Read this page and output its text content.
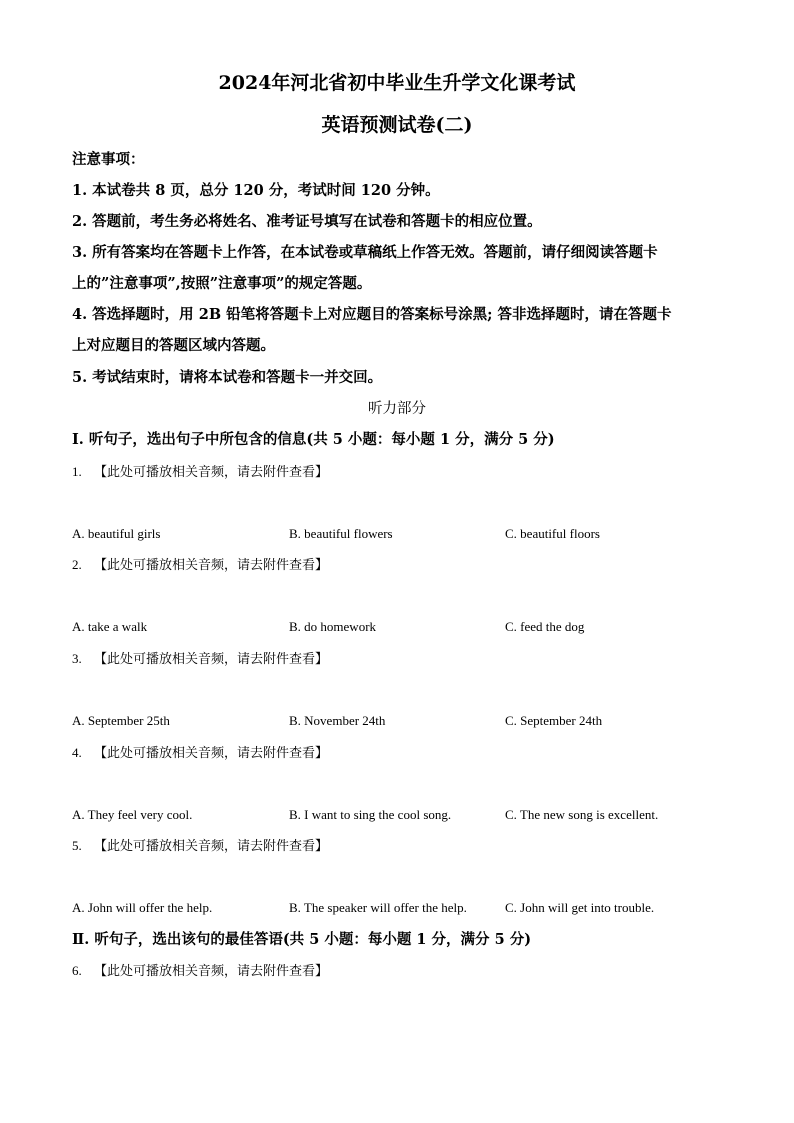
2024年河北省初中毕业生升学文化课考试
英语预测试卷(二)
注意事项：
1. 本试卷共 8 页，总分 120 分，考试时间 120 分钟。
2. 答题前，考生务必将姓名、准考证号填写在试卷和答题卡的相应位置。
3. 所有答案均在答题卡上作答，在本试卷或草稿纸上作答无效。答题前，请仔细阅读答题卡
上的”注意事项”,按照”注意事项”的规定答题。
4. 答选择题时，用 2B 铅笔将答题卡上对应题目的答案标号涂黑; 答非选择题时，请在答题卡
上对应题目的答题区域内答题。
5. 考试结束时，请将本试卷和答题卡一并交回。
听力部分
I. 听句子，选出句子中所包含的信息(共 5 小题：每小题 1 分，满分 5 分)
1. 【此处可播放相关音频，请去附件查看】
A. beautiful girls	B. beautiful flowers	C. beautiful floors
2. 【此处可播放相关音频，请去附件查看】
A. take a walk	B. do homework	C. feed the dog
3. 【此处可播放相关音频，请去附件查看】
A. September 25th	B. November 24th	C. September 24th
4. 【此处可播放相关音频，请去附件查看】
A. They feel very cool.	B. I want to sing the cool song.	C. The new song is excellent.
5. 【此处可播放相关音频，请去附件查看】
A. John will offer the help.	B. The speaker will offer the help.	C. John will get into trouble.
Ⅱ. 听句子，选出该句的最佳答语(共 5 小题：每小题 1 分，满分 5 分)
6. 【此处可播放相关音频，请去附件查看】
